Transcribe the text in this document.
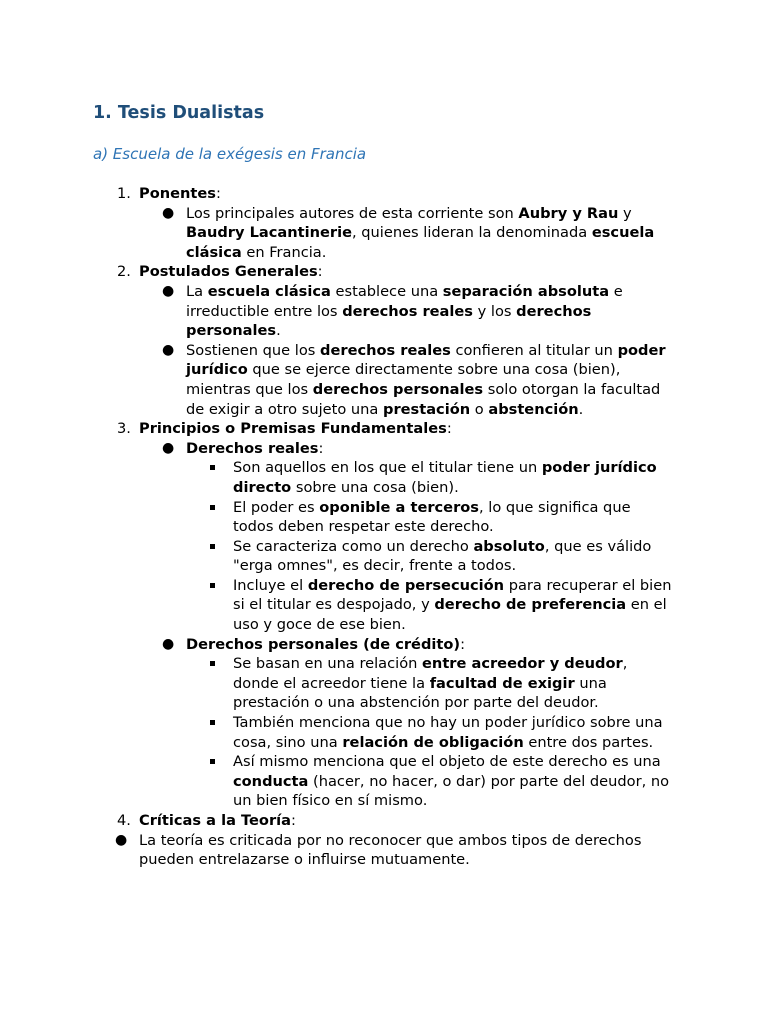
1. Tesis Dualistas
a) Escuela de la exégesis en Francia
1. Ponentes:
● Los principales autores de esta corriente son Aubry y Rau y Baudry Lacantinerie, quienes lideran la denominada escuela clásica en Francia.
2. Postulados Generales:
● La escuela clásica establece una separación absoluta e irreductible entre los derechos reales y los derechos personales.
● Sostienen que los derechos reales confieren al titular un poder jurídico que se ejerce directamente sobre una cosa (bien), mientras que los derechos personales solo otorgan la facultad de exigir a otro sujeto una prestación o abstención.
3. Principios o Premisas Fundamentales:
● Derechos reales:
Son aquellos en los que el titular tiene un poder jurídico directo sobre una cosa (bien).
El poder es oponible a terceros, lo que significa que todos deben respetar este derecho.
Se caracteriza como un derecho absoluto, que es válido "erga omnes", es decir, frente a todos.
Incluye el derecho de persecución para recuperar el bien si el titular es despojado, y derecho de preferencia en el uso y goce de ese bien.
● Derechos personales (de crédito):
Se basan en una relación entre acreedor y deudor, donde el acreedor tiene la facultad de exigir una prestación o una abstención por parte del deudor.
También menciona que no hay un poder jurídico sobre una cosa, sino una relación de obligación entre dos partes.
Así mismo menciona que el objeto de este derecho es una conducta (hacer, no hacer, o dar) por parte del deudor, no un bien físico en sí mismo.
4. Críticas a la Teoría:
● La teoría es criticada por no reconocer que ambos tipos de derechos pueden entrelazarse o influirse mutuamente.
